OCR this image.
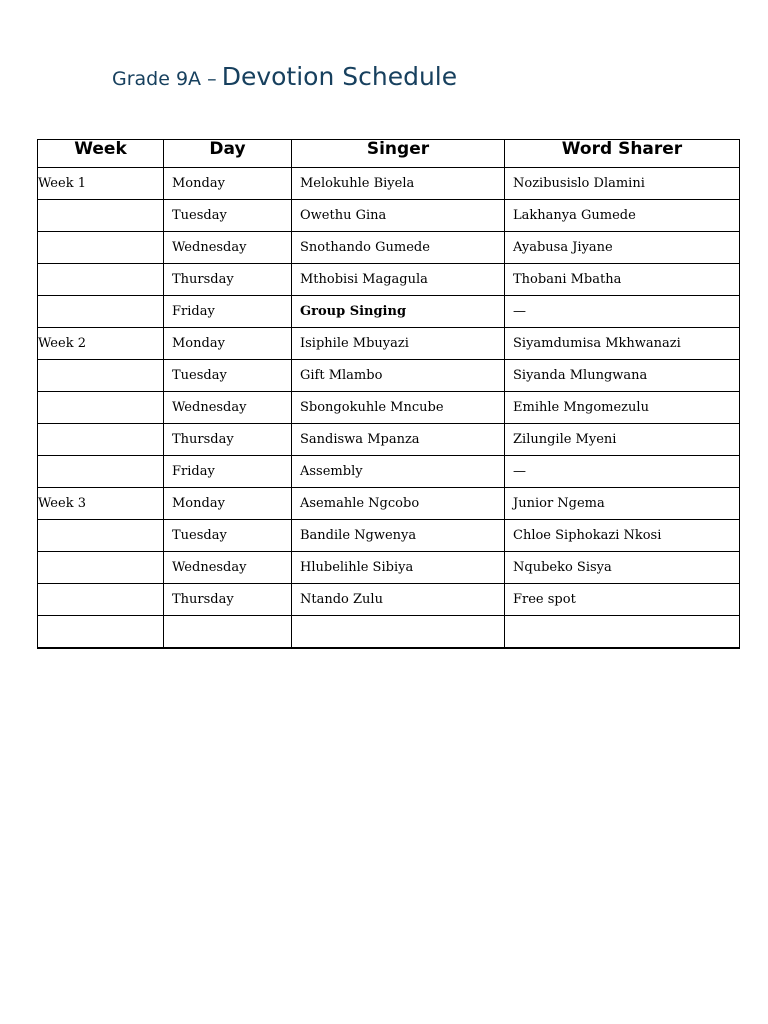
Grade 9A – Devotion Schedule
Week	Day	Singer	Word Sharer
Week 1	Monday	Melokuhle Biyela	Nozibusislo Dlamini
	Tuesday	Owethu Gina	Lakhanya Gumede
	Wednesday	Snothando Gumede	Ayabusa Jiyane
	Thursday	Mthobisi Magagula	Thobani Mbatha
	Friday	Group Singing	—
Week 2	Monday	Isiphile Mbuyazi	Siyamdumisa Mkhwanazi
	Tuesday	Gift Mlambo	Siyanda Mlungwana
	Wednesday	Sbongokuhle Mncube	Emihle Mngomezulu
	Thursday	Sandiswa Mpanza	Zilungile Myeni
	Friday	Assembly	—
Week 3	Monday	Asemahle Ngcobo	Junior Ngema
	Tuesday	Bandile Ngwenya	Chloe Siphokazi Nkosi
	Wednesday	Hlubelihle Sibiya	Nqubeko Sisya
	Thursday	Ntando Zulu	Free spot
